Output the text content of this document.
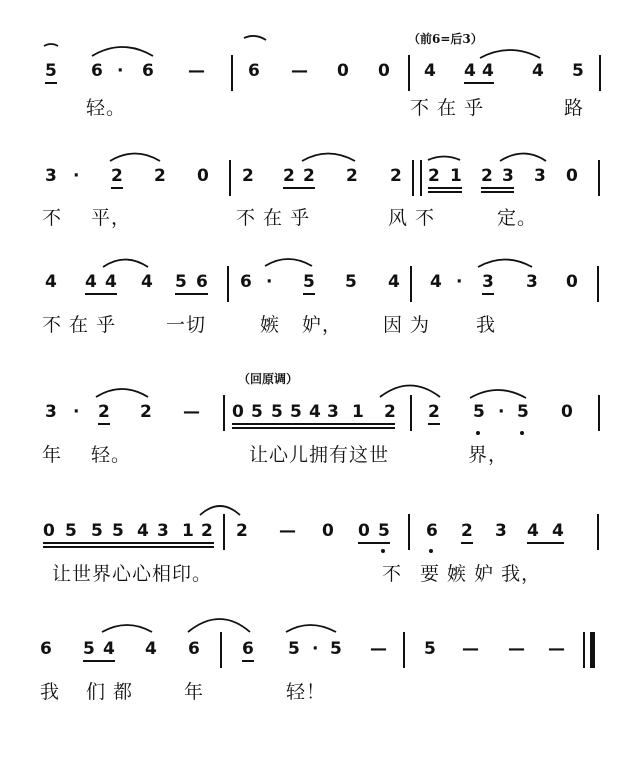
（前6=后3）
（回原调）
5 6 · 6 —	6 — 0 0 4 4 4 4 5
轻。	不 在 乎	路
3 · 2 2 0 2 2 2 2 2 2 1 2 3 3 0
不 平，	不 在 乎	风 不	定。
4 4 4 4 5 6 6 · 5 5 4 4 · 3 3 0
不 在 乎	一切	嫉 妒， 因 为 我
3 · 2 2 — 0 5 5 5 4 3 1 2 2 5 · 5 0
年 轻。	让心儿拥有这世	界，
0 5 5 5 4 3 1 2 2 — 0 0 5 6 2 3 4 4
让世界心心相印。	不 要 嫉 妒 我，
6 5 4 4 6 6 5 · 5 — 5 — — —
我 们 都	年	轻！
